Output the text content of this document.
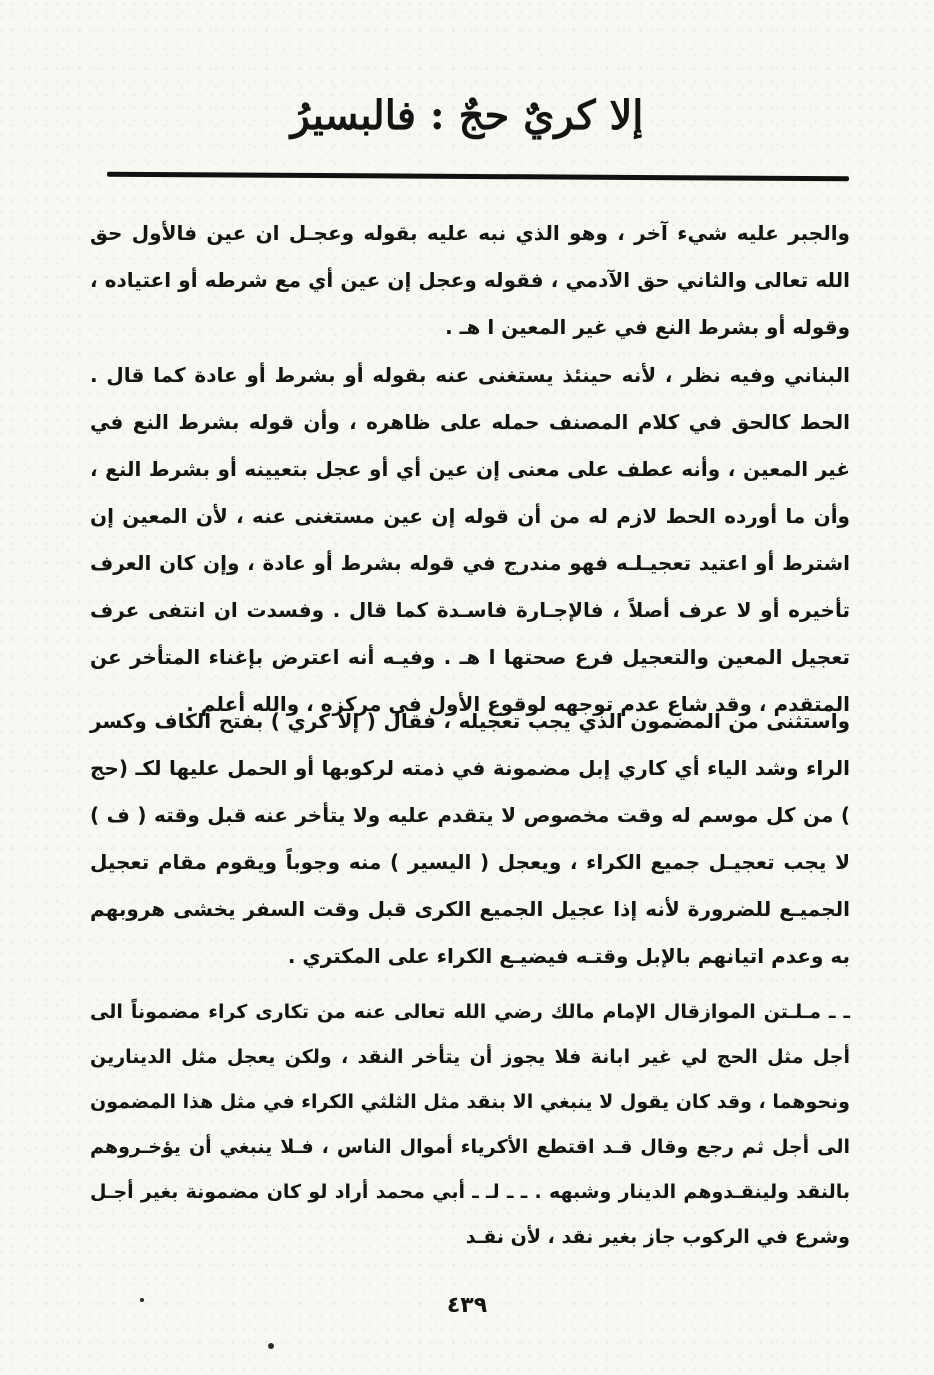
إلا كريٌ حجٌ : فالبسيرُ
والجبر عليه شيء آخر ، وهو الذي نبه عليه بقوله وعجـل ان عين فالأول حق الله تعالى والثاني حق الآدمي ، فقوله وعجل إن عين أي مع شرطه أو اعتياده ، وقوله أو بشرط النع في غير المعين ا هـ .
البناني وفيه نظر ، لأنه حينئذ يستغنى عنه بقوله أو بشرط أو عادة كما قال . الحط كالحق في كلام المصنف حمله على ظاهره ، وأن قوله بشرط النع في غير المعين ، وأنه عطف على معنى إن عين أي أو عجل بتعيينه أو بشرط النع ، وأن ما أورده الحط لازم له من أن قوله إن عين مستغنى عنه ، لأن المعين إن اشترط أو اعتيد تعجيـلـه فهو مندرج في قوله بشرط أو عادة ، وإن كان العرف تأخيره أو لا عرف أصلاً ، فالإجـارة فاسـدة كما قال . وفسدت ان انتفى عرف تعجيل المعين والتعجيل فرع صحتها ا هـ . وفيـه أنه اعترض بإغناء المتأخر عن المتقدم ، وقد شاع عدم توجهه لوقوع الأول في مركزه ، والله أعلم .
واستثنى من المضمون الذي يجب تعجيله ، فقال ( إلا كري ) بفتح الكاف وكسر الراء وشد الياء أي كاري إبل مضمونة في ذمته لركوبها أو الحمل عليها لكـ (حج ) من كل موسم له وقت مخصوص لا يتقدم عليه ولا يتأخر عنه قبل وقته ( ف ) لا يجب تعجيـل جميع الكراء ، ويعجل ( اليسير ) منه وجوباً ويقوم مقام تعجيل الجميـع للضرورة لأنه إذا عجيل الجميع الكرى قبل وقت السفر يخشى هروبهم به وعدم اتيانهم بالإبل وقتـه فيضيـع الكراء على المكتري .
ـ ـ مـلـتن الموازقال الإمام مالك رضي الله تعالى عنه من تكارى كراء مضموناً الى أجل مثل الحج لي غير ابانة فلا يجوز أن يتأخر النقد ، ولكن يعجل مثل الدينارين ونحوهما ، وقد كان يقول لا ينبغي الا بنقد مثل الثلثي الكراء في مثل هذا المضمون الى أجل ثم رجع وقال قـد اقتطع الأكرياء أموال الناس ، فـلا ينبغي أن يؤخـروهم بالنقد ولينقـدوهم الدينار وشبهه . ـ ـ لـ ـ أبي محمد أراد لو كان مضمونة بغير أجـل وشرع في الركوب جاز بغير نقد ، لأن نقـد
٤٣٩
